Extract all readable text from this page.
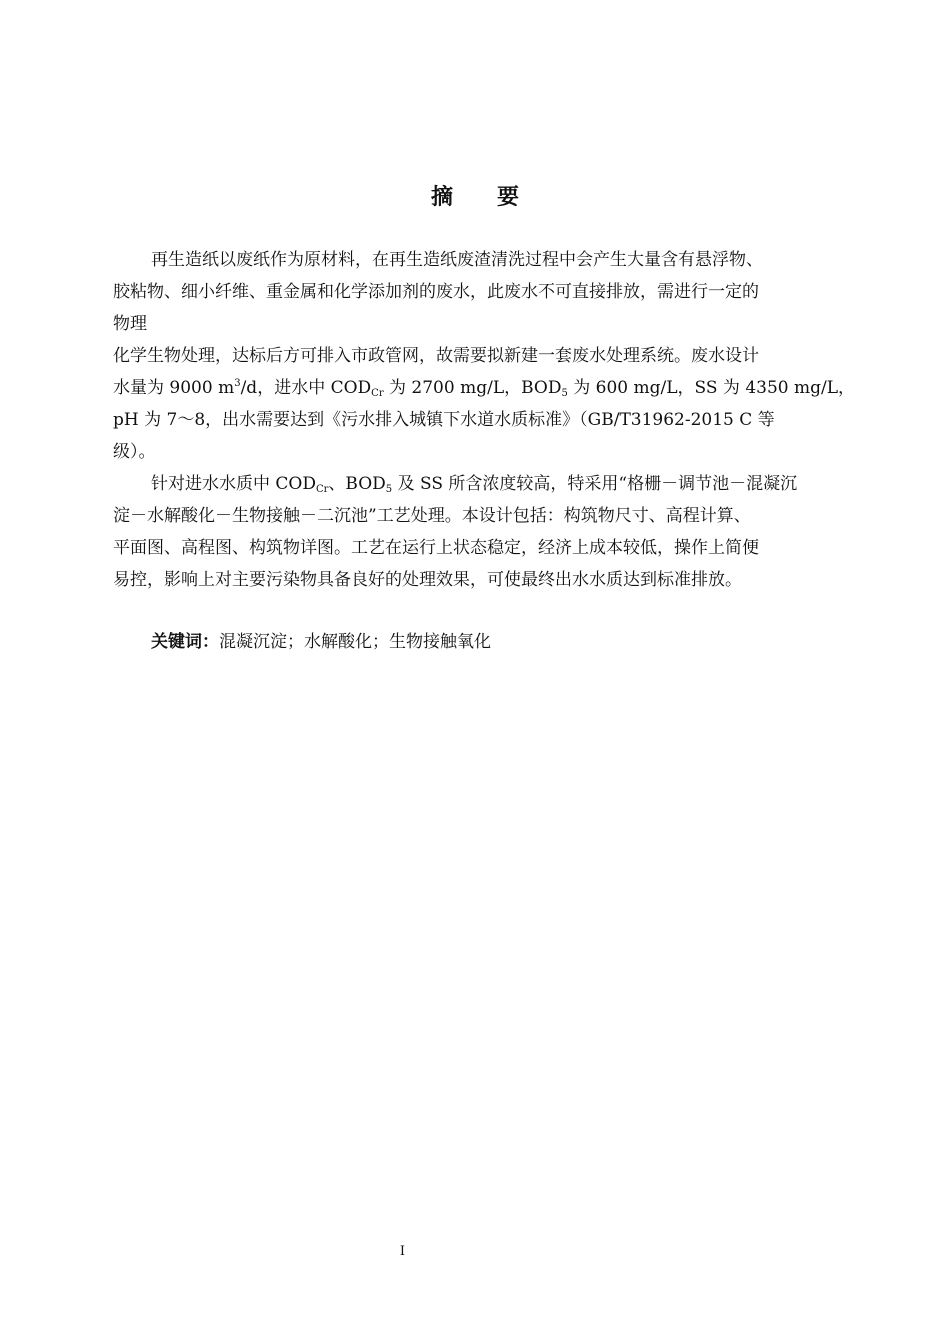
摘 要
再生造纸以废纸作为原材料，在再生造纸废渣清洗过程中会产生大量含有悬浮物、
胶粘物、细小纤维、重金属和化学添加剂的废水，此废水不可直接排放，需进行一定的
物理
化学生物处理，达标后方可排入市政管网，故需要拟新建一套废水处理系统。废水设计
水量为 9000 $m^3/d$，进水中 $COD_{Cr}$ 为 2700 mg/L，$BOD_5$ 为 600 mg/L，SS 为 4350 mg/L，
pH 为 7～8，出水需要达到《污水排入城镇下水道水质标准》（GB/T31962-2015 C 等
级）。
针对进水水质中 $COD_{Cr}$、$BOD_5$ 及 SS 所含浓度较高，特采用“格栅－调节池－混凝沉
淀－水解酸化－生物接触－二沉池”工艺处理。本设计包括：构筑物尺寸、高程计算、
平面图、高程图、构筑物详图。工艺在运行上状态稳定，经济上成本较低，操作上简便
易控，影响上对主要污染物具备良好的处理效果，可使最终出水水质达到标准排放。
关键词：混凝沉淀；水解酸化；生物接触氧化
I
